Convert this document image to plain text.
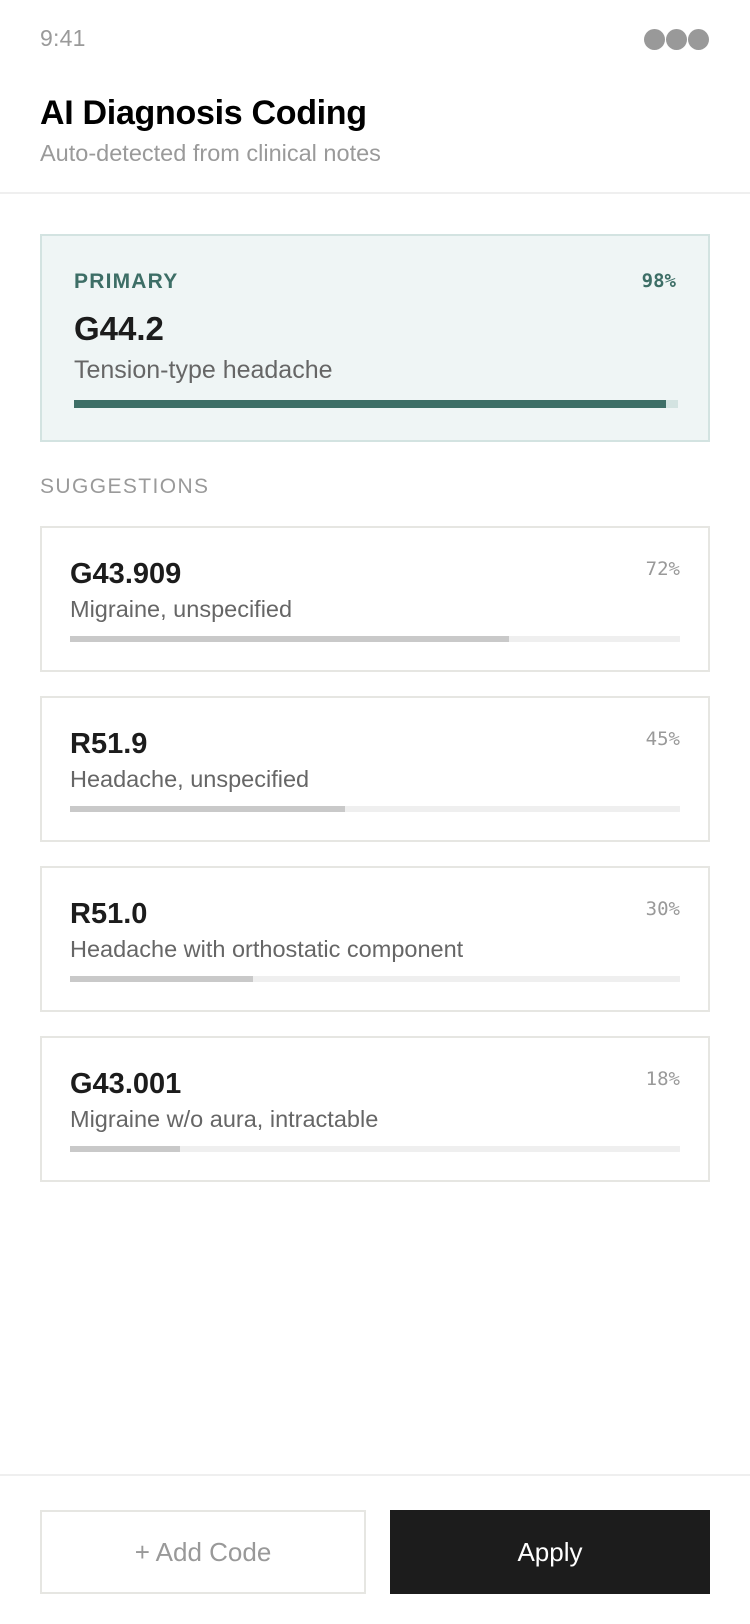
9:41
AI Diagnosis Coding
Auto-detected from clinical notes
PRIMARY	98%
G44.2
Tension-type headache
SUGGESTIONS
G43.909	72%
Migraine, unspecified
R51.9	45%
Headache, unspecified
R51.0	30%
Headache with orthostatic component
G43.001	18%
Migraine w/o aura, intractable
+ Add Code	Apply
